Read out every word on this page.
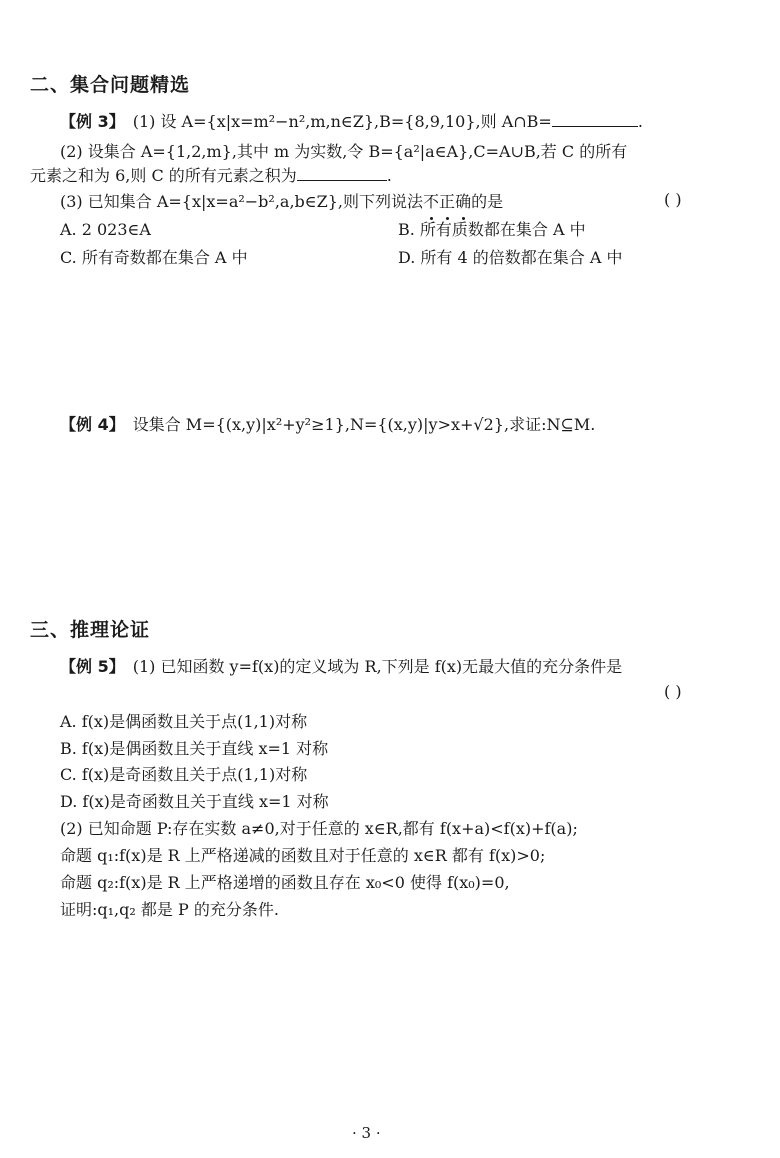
二、集合问题精选
【例 3】 (1) 设 A={x|x=m²−n²,m,n∈Z},B={8,9,10},则 A∩B=	.
(2) 设集合 A={1,2,m},其中 m 为实数,令 B={a²|a∈A},C=A∪B,若 C 的所有
元素之和为 6,则 C 的所有元素之积为	.
(3) 已知集合 A={x|x=a²−b²,a,b∈Z},则下列说法不正确的是	( )
A. 2 023∈A	B. 所有质数都在集合 A 中
C. 所有奇数都在集合 A 中	D. 所有 4 的倍数都在集合 A 中
【例 4】 设集合 M={(x,y)|x²+y²≥1},N={(x,y)|y>x+√2},求证:N⊆M.
三、推理论证
【例 5】 (1) 已知函数 y=f(x)的定义域为 R,下列是 f(x)无最大值的充分条件是
( )
A. f(x)是偶函数且关于点(1,1)对称
B. f(x)是偶函数且关于直线 x=1 对称
C. f(x)是奇函数且关于点(1,1)对称
D. f(x)是奇函数且关于直线 x=1 对称
(2) 已知命题 P:存在实数 a≠0,对于任意的 x∈R,都有 f(x+a)<f(x)+f(a);
命题 q₁:f(x)是 R 上严格递减的函数且对于任意的 x∈R 都有 f(x)>0;
命题 q₂:f(x)是 R 上严格递增的函数且存在 x₀<0 使得 f(x₀)=0,
证明:q₁,q₂ 都是 P 的充分条件.
· 3 ·
